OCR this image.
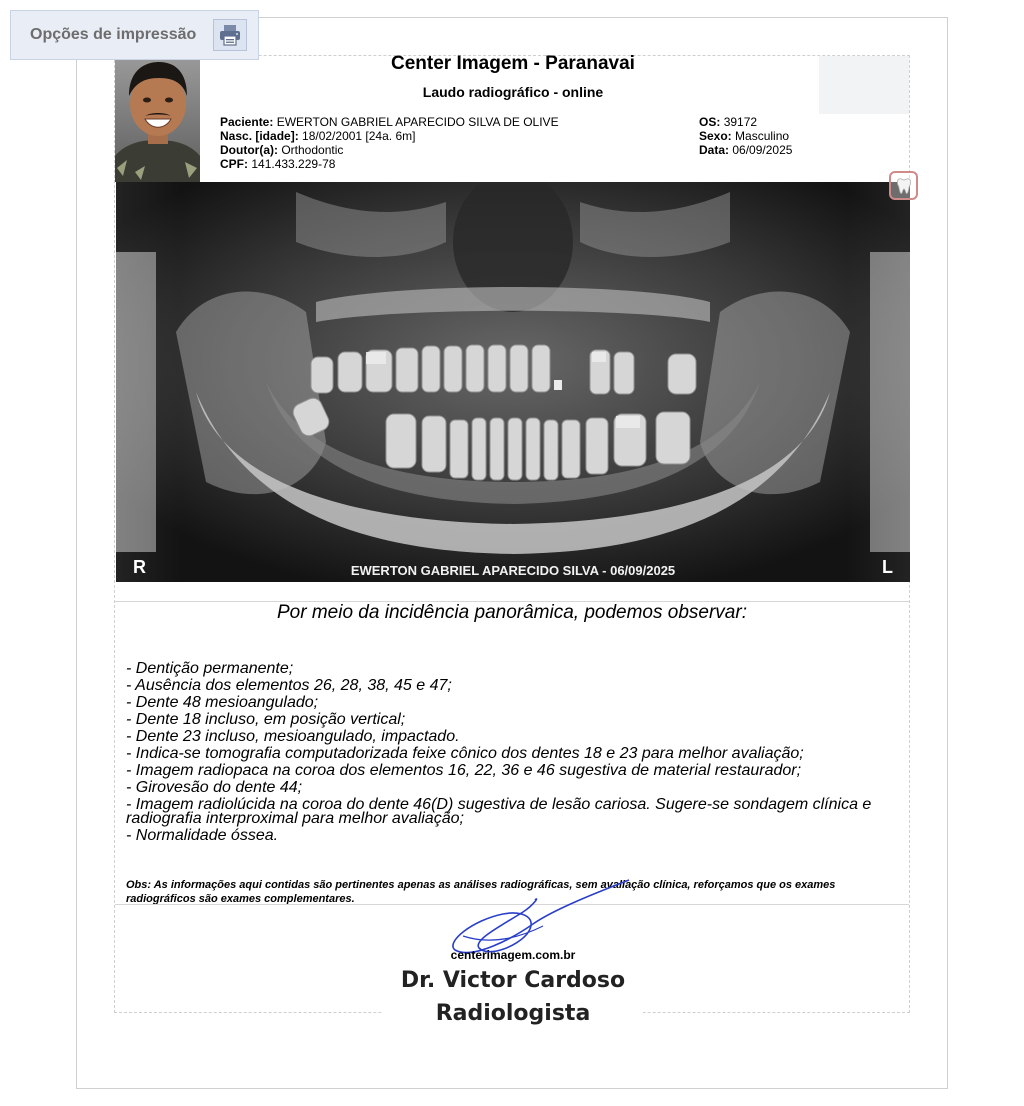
Opções de impressão
Center Imagem - Paranavai
Laudo radiográfico - online
Paciente: EWERTON GABRIEL APARECIDO SILVA DE OLIVE
Nasc. [idade]: 18/02/2001 [24a. 6m]
Doutor(a): Orthodontic
CPF: 141.433.229-78
OS: 39172
Sexo: Masculino
Data: 06/09/2025
R	L
EWERTON GABRIEL APARECIDO SILVA - 06/09/2025
Por meio da incidência panorâmica, podemos observar:
- Dentição permanente;
- Ausência dos elementos 26, 28, 38, 45 e 47;
- Dente 48 mesioangulado;
- Dente 18 incluso, em posição vertical;
- Dente 23 incluso, mesioangulado, impactado.
- Indica-se tomografia computadorizada feixe cônico dos dentes 18 e 23 para melhor avaliação;
- Imagem radiopaca na coroa dos elementos 16, 22, 36 e 46 sugestiva de material restaurador;
- Girovesão do dente 44;
- Imagem radiolúcida na coroa do dente 46(D) sugestiva de lesão cariosa. Sugere-se sondagem clínica e radiografia interproximal para melhor avaliação;
- Normalidade óssea.
Obs: As informações aqui contidas são pertinentes apenas as análises radiográficas, sem avaliação clínica, reforçamos que os exames radiográficos são exames complementares.
centerimagem.com.br
Dr. Victor Cardoso
Radiologista
